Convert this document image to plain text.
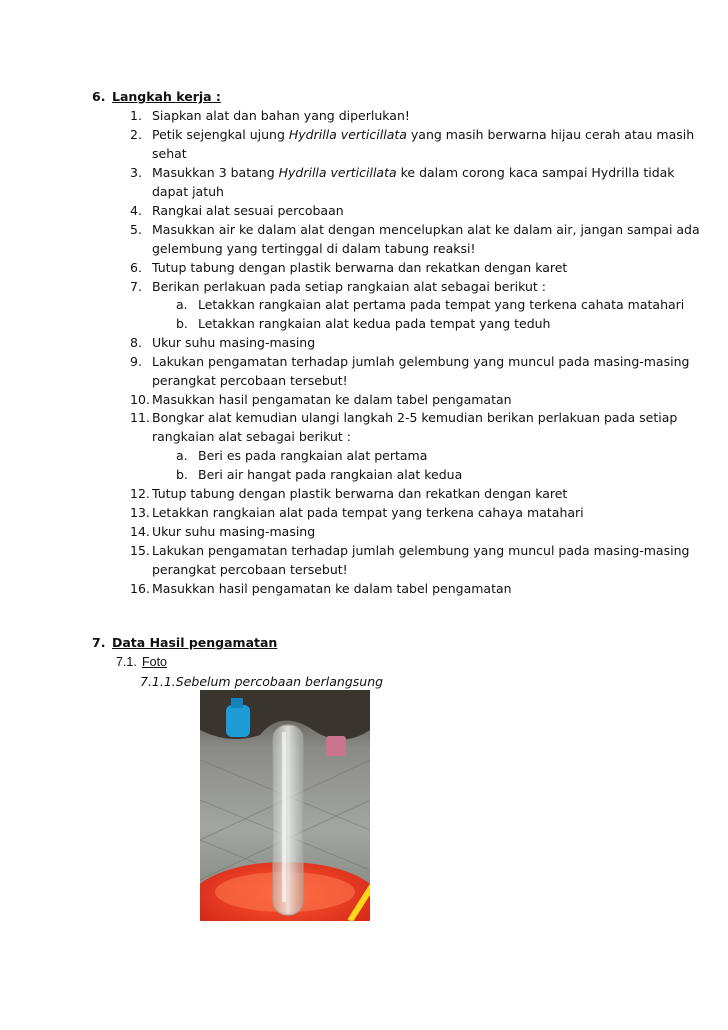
6. Langkah kerja :
1. Siapkan alat dan bahan yang diperlukan!
2. Petik sejengkal ujung Hydrilla verticillata yang masih berwarna hijau cerah atau masih
sehat
3. Masukkan 3 batang Hydrilla verticillata ke dalam corong kaca sampai Hydrilla tidak
dapat jatuh
4. Rangkai alat sesuai percobaan
5. Masukkan air ke dalam alat dengan mencelupkan alat ke dalam air, jangan sampai ada
gelembung yang tertinggal di dalam tabung reaksi!
6. Tutup tabung dengan plastik berwarna dan rekatkan dengan karet
7. Berikan perlakuan pada setiap rangkaian alat sebagai berikut :
a. Letakkan rangkaian alat pertama pada tempat yang terkena cahata matahari
b. Letakkan rangkaian alat kedua pada tempat yang teduh
8. Ukur suhu masing-masing
9. Lakukan pengamatan terhadap jumlah gelembung yang muncul pada masing-masing
perangkat percobaan tersebut!
10. Masukkan hasil pengamatan ke dalam tabel pengamatan
11. Bongkar alat kemudian ulangi langkah 2-5 kemudian berikan perlakuan pada setiap
rangkaian alat sebagai berikut :
a. Beri es pada rangkaian alat pertama
b. Beri air hangat pada rangkaian alat kedua
12. Tutup tabung dengan plastik berwarna dan rekatkan dengan karet
13. Letakkan rangkaian alat pada tempat yang terkena cahaya matahari
14. Ukur suhu masing-masing
15. Lakukan pengamatan terhadap jumlah gelembung yang muncul pada masing-masing
perangkat percobaan tersebut!
16. Masukkan hasil pengamatan ke dalam tabel pengamatan
7. Data Hasil pengamatan
7.1. Foto
7.1.1.Sebelum percobaan berlangsung
